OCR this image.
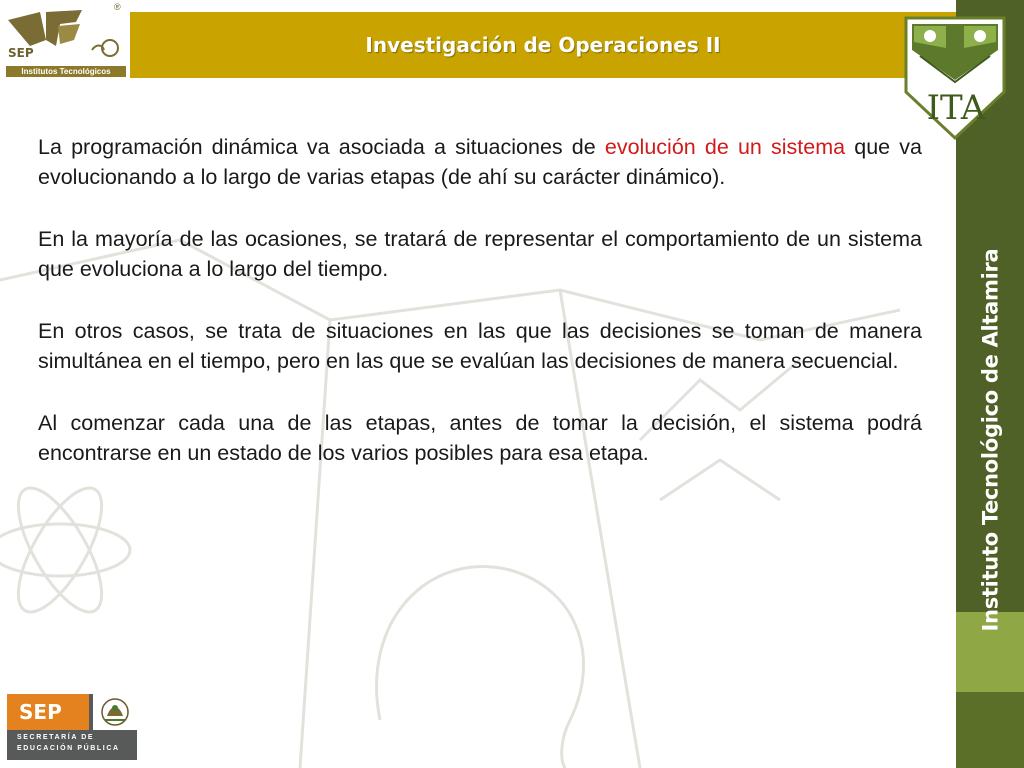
Investigación de Operaciones II
SEP
®
Institutos Tecnológicos
Instituto Tecnológico de Altamira
ITA

La programación dinámica va asociada a situaciones de evolución de un sistema que va evolucionando a lo largo de varias etapas (de ahí su carácter dinámico).

En la mayoría de las ocasiones, se tratará de representar el comportamiento de un sistema que evoluciona a lo largo del tiempo.

En otros casos, se trata de situaciones en las que las decisiones se toman de manera simultánea en el tiempo, pero en las que se evalúan las decisiones de manera secuencial.

Al comenzar cada una de las etapas, antes de tomar la decisión, el sistema podrá encontrarse en un estado de los varios posibles para esa etapa.

SEP
SECRETARÍA DE
EDUCACIÓN PÚBLICA
